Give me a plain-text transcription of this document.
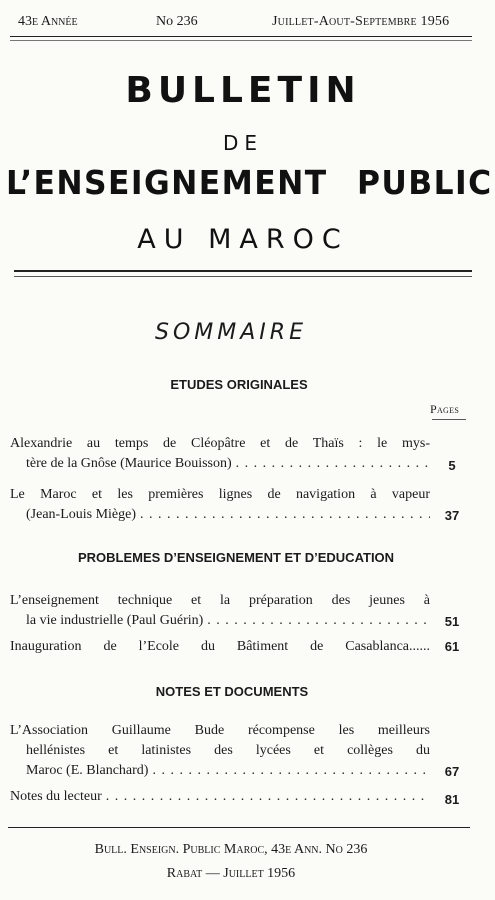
43e Année	No 236	Juillet-Aout-Septembre 1956
BULLETIN
DE
L’ENSEIGNEMENT PUBLIC
AU MAROC
SOMMAIRE
ETUDES ORIGINALES
Pages
Alexandrie au temps de Cléopâtre et de Thaïs : le mys-
tère de la Gnôse (Maurice Bouisson) . . .	5
Le Maroc et les premières lignes de navigation à vapeur
(Jean-Louis Miège) . . .	37
PROBLEMES D’ENSEIGNEMENT ET D’EDUCATION
L’enseignement technique et la préparation des jeunes à
la vie industrielle (Paul Guérin) . . .	51
Inauguration de l’Ecole du Bâtiment de Casablanca......	61
NOTES ET DOCUMENTS
L’Association Guillaume Bude récompense les meilleurs
hellénistes et latinistes des lycées et collèges du
Maroc (E. Blanchard) . . .	67
Notes du lecteur . . .	81
Bull. Enseign. Public Maroc, 43e Ann. No 236
Rabat — Juillet 1956
